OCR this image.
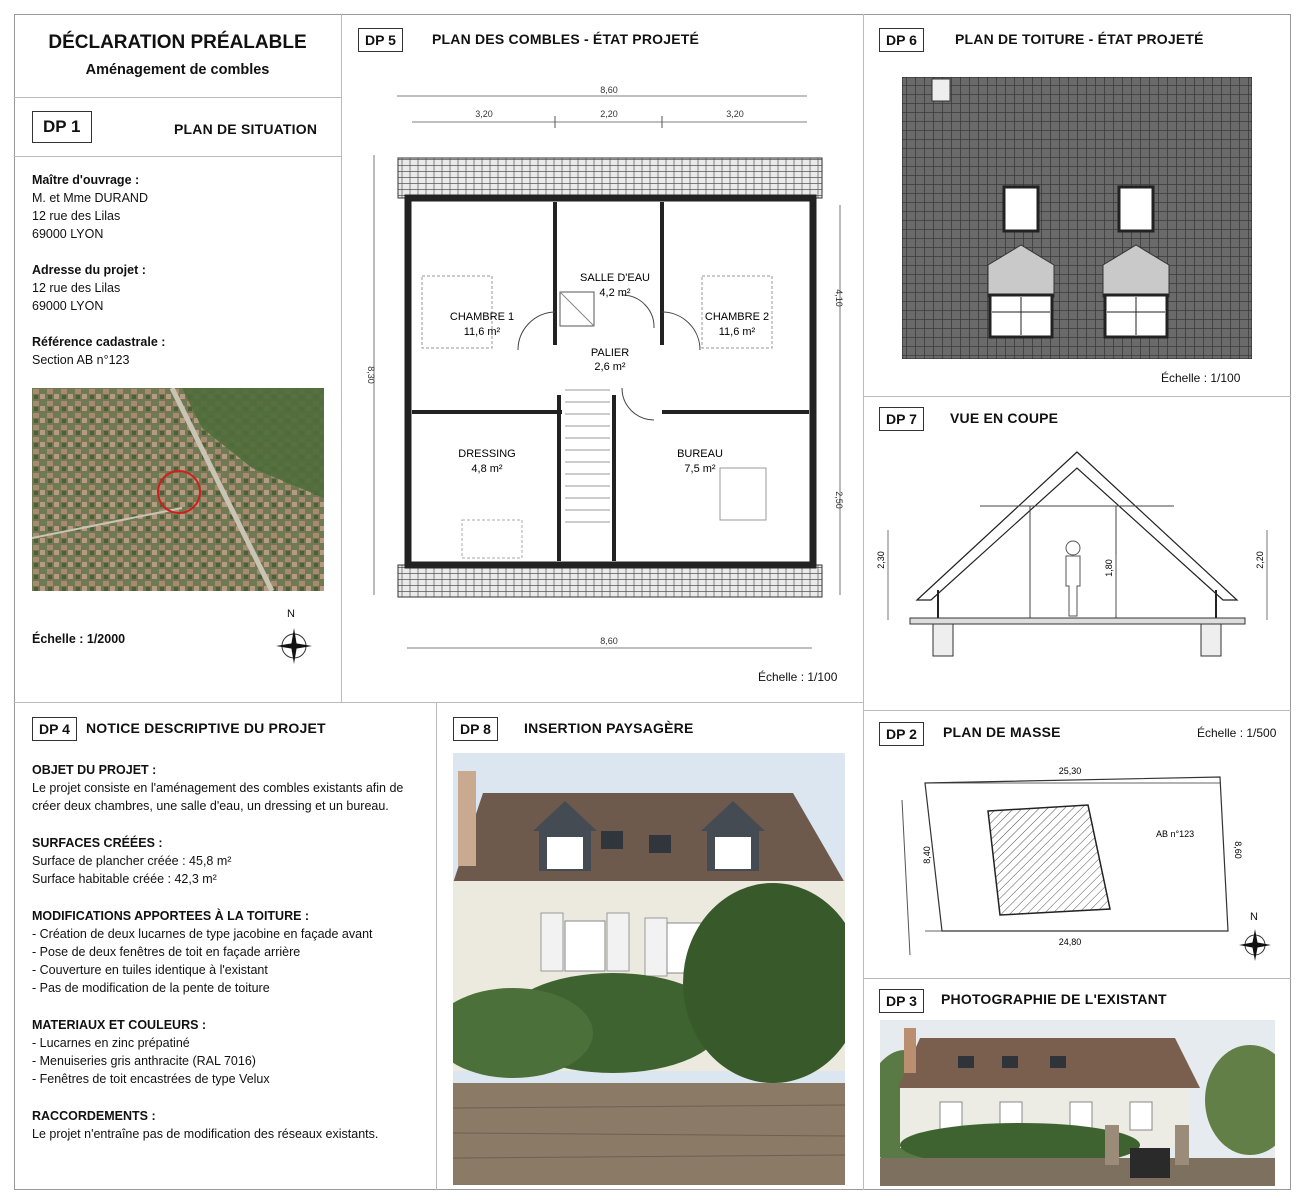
DÉCLARATION PRÉALABLE
Aménagement de combles
DP 1	PLAN DE SITUATION
Maître d'ouvrage :
M. et Mme DURAND
12 rue des Lilas
69000 LYON
Adresse du projet :
12 rue des Lilas
69000 LYON
Référence cadastrale :
Section AB n°123
Échelle : 1/2000
N
DP 5	PLAN DES COMBLES - ÉTAT PROJETÉ
8,60
3,20	2,20	3,20
8,30
4,10
2,50
8,60
CHAMBRE 1
11,6 m²
SALLE D'EAU
4,2 m²
CHAMBRE 2
11,6 m²
PALIER
2,6 m²
DRESSING
4,8 m²
BUREAU
7,5 m²
Échelle : 1/100
DP 6	PLAN DE TOITURE - ÉTAT PROJETÉ
Échelle : 1/100
DP 7	VUE EN COUPE
2,30	2,20
1,80
DP 4	NOTICE DESCRIPTIVE DU PROJET
OBJET DU PROJET :
Le projet consiste en l'aménagement des combles existants afin de
créer deux chambres, une salle d'eau, un dressing et un bureau.
SURFACES CRÉÉES :
Surface de plancher créée : 45,8 m²
Surface habitable créée : 42,3 m²
MODIFICATIONS APPORTEES À LA TOITURE :
- Création de deux lucarnes de type jacobine en façade avant
- Pose de deux fenêtres de toit en façade arrière
- Couverture en tuiles identique à l'existant
- Pas de modification de la pente de toiture
MATERIAUX ET COULEURS :
- Lucarnes en zinc prépatiné
- Menuiseries gris anthracite (RAL 7016)
- Fenêtres de toit encastrées de type Velux
RACCORDEMENTS :
Le projet n'entraîne pas de modification des réseaux existants.
DP 8	INSERTION PAYSAGÈRE	DP 2	PLAN DE MASSE	Échelle : 1/500
25,30
24,80
8,40	8,60
AB n°123
N
DP 3	PHOTOGRAPHIE DE L'EXISTANT
